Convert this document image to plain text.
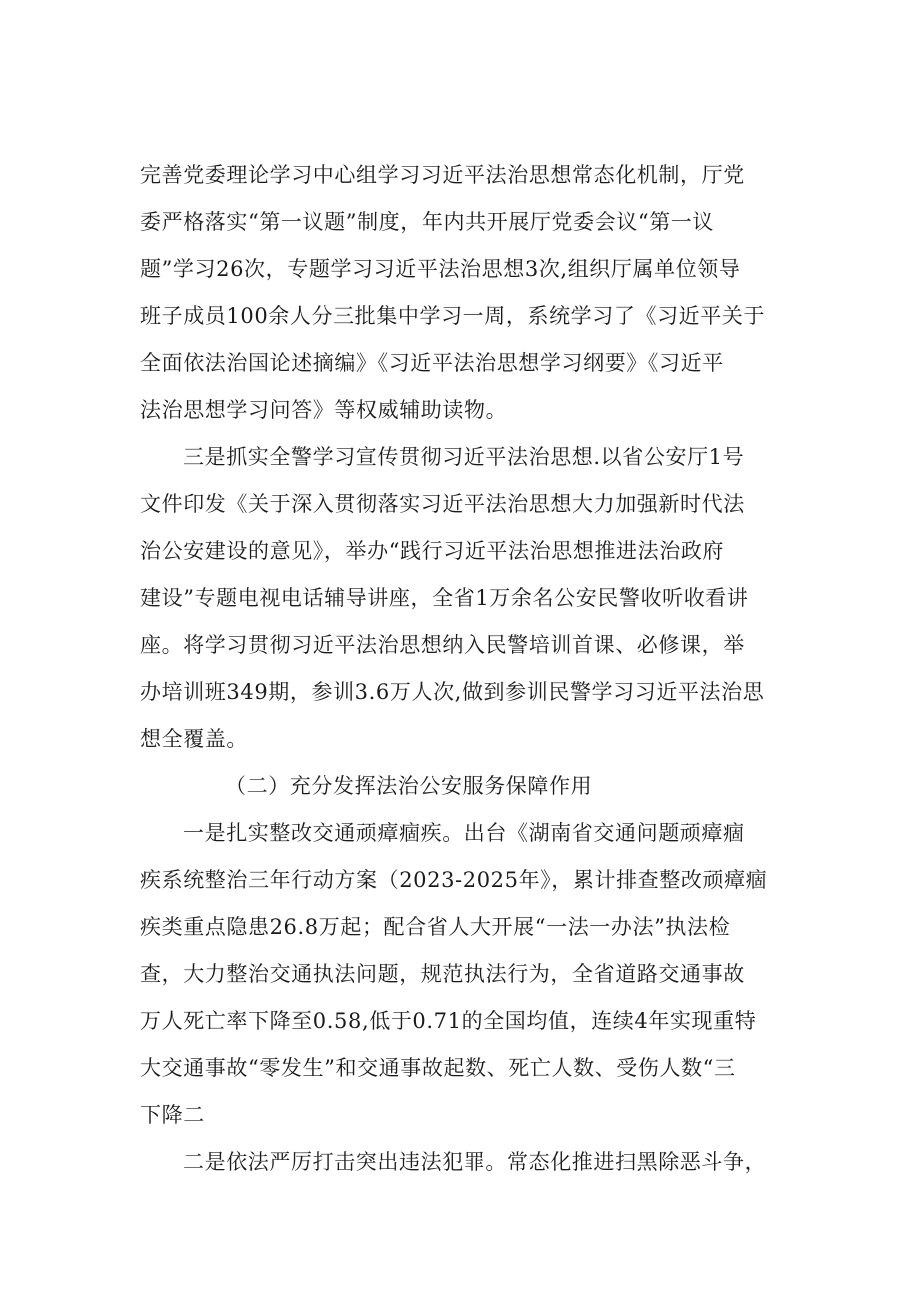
完善党委理论学习中心组学习习近平法治思想常态化机制，厅党
委严格落实“第一议题”制度，年内共开展厅党委会议“第一议
题”学习26次，专题学习习近平法治思想3次,组织厅属单位领导
班子成员100余人分三批集中学习一周，系统学习了《习近平关于
全面依法治国论述摘编》《习近平法治思想学习纲要》《习近平
法治思想学习问答》等权威辅助读物。
三是抓实全警学习宣传贯彻习近平法治思想.以省公安厅1号
文件印发《关于深入贯彻落实习近平法治思想大力加强新时代法
治公安建设的意见》，举办“践行习近平法治思想推进法治政府
建设”专题电视电话辅导讲座，全省1万余名公安民警收听收看讲
座。将学习贯彻习近平法治思想纳入民警培训首课、必修课，举
办培训班349期，参训3.6万人次,做到参训民警学习习近平法治思
想全覆盖。
（二）充分发挥法治公安服务保障作用
一是扎实整改交通顽瘴痼疾。出台《湖南省交通问题顽瘴痼
疾系统整治三年行动方案（2023-2025年》，累计排查整改顽瘴痼
疾类重点隐患26.8万起；配合省人大开展“一法一办法”执法检
查，大力整治交通执法问题，规范执法行为，全省道路交通事故
万人死亡率下降至0.58,低于0.71的全国均值，连续4年实现重特
大交通事故“零发生”和交通事故起数、死亡人数、受伤人数“三
下降二
二是依法严厉打击突出违法犯罪。常态化推进扫黑除恶斗争，
